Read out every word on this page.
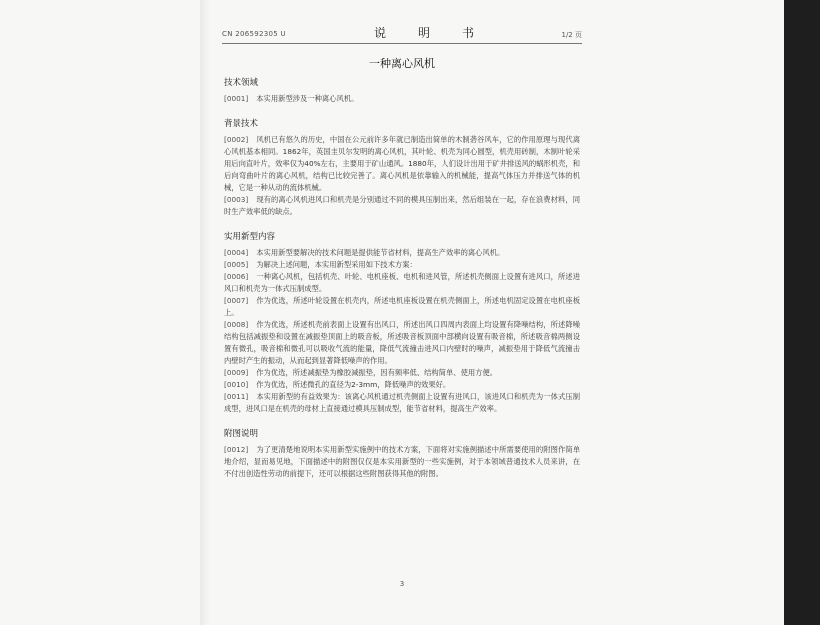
CN 206592305 U	说　明　书	1/2 页
一种离心风机
技术领域

[0001] 本实用新型涉及一种离心风机。

背景技术

[0002] 风机已有悠久的历史，中国在公元前许多年就已制造出简单的木制砻谷风车，它的作用原理与现代离心风机基本相同。1862年，英国圭贝尔发明的离心风机，其叶轮、机壳为同心圆型，机壳用砖制，木制叶轮采用后向直叶片，效率仅为40%左右，主要用于矿山通风。1880年，人们设计出用于矿井排送风的蜗形机壳，和后向弯曲叶片的离心风机，结构已比较完善了。离心风机是依靠输入的机械能，提高气体压力并排送气体的机械，它是一种从动的流体机械。

[0003] 现有的离心风机进风口和机壳是分别通过不同的模具压制出来，然后组装在一起，存在浪费材料，同时生产效率低的缺点。

实用新型内容

[0004] 本实用新型要解决的技术问题是提供能节省材料，提高生产效率的离心风机。

[0005] 为解决上述问题，本实用新型采用如下技术方案：

[0006] 一种离心风机，包括机壳、叶轮、电机座板、电机和进风管，所述机壳侧面上设置有进风口，所述进风口和机壳为一体式压制成型。

[0007] 作为优选，所述叶轮设置在机壳内，所述电机座板设置在机壳侧面上，所述电机固定设置在电机座板上。

[0008] 作为优选，所述机壳前表面上设置有出风口，所述出风口四周内表面上均设置有降噪结构，所述降噪结构包括减振垫和设置在减振垫顶面上的吸音板，所述吸音板顶面中部横向设置有吸音棉，所述吸音棉两侧设置有微孔，吸音棉和微孔可以吸收气流的能量，降低气流撞击进风口内壁时的噪声，减振垫用于降低气流撞击内壁时产生的振动，从而起到显著降低噪声的作用。

[0009] 作为优选，所述减振垫为橡胶减振垫，因有频率低、结构简单、使用方便。

[0010] 作为优选，所述微孔的直径为2-3mm，降低噪声的效果好。

[0011] 本实用新型的有益效果为：该离心风机通过机壳侧面上设置有进风口，该进风口和机壳为一体式压制成型，进风口是在机壳的母材上直接通过模具压制成型，能节省材料，提高生产效率。

附图说明

[0012] 为了更清楚地说明本实用新型实施例中的技术方案，下面将对实施例描述中所需要使用的附图作简单地介绍，显而易见地，下面描述中的附图仅仅是本实用新型的一些实施例，对于本领域普通技术人员来讲，在不付出创造性劳动的前提下，还可以根据这些附图获得其他的附图。

3
